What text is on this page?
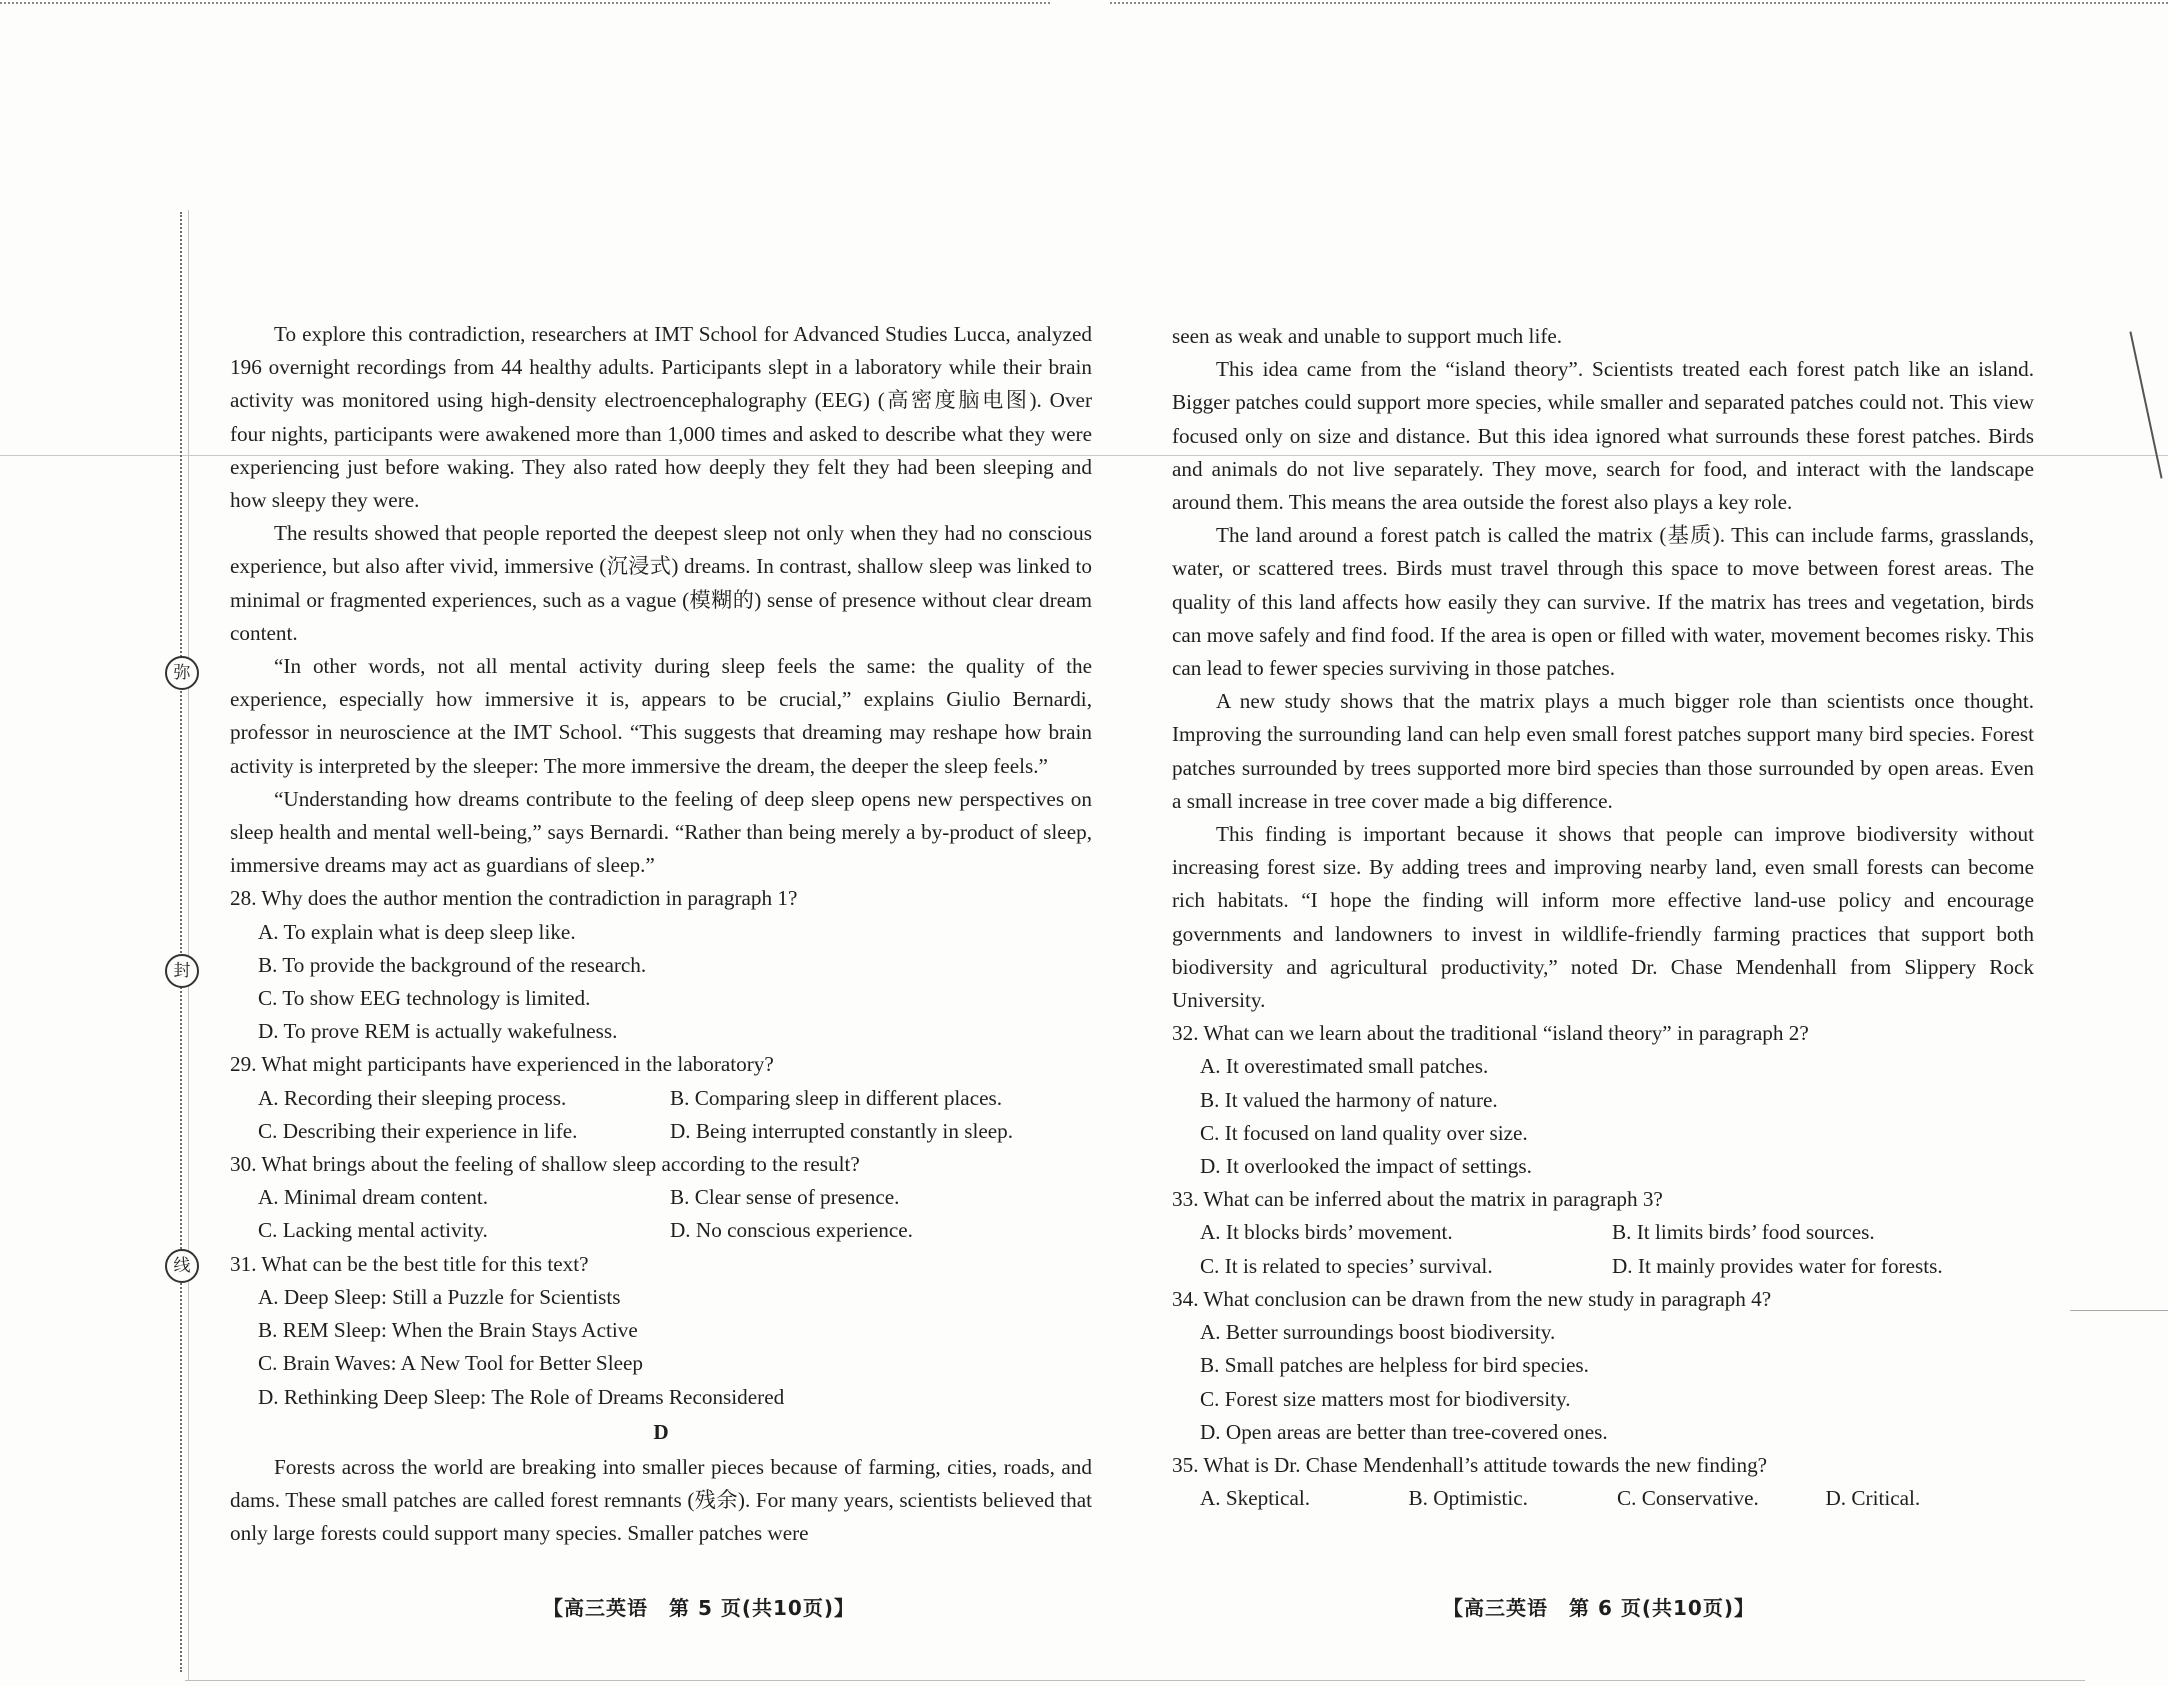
弥
封
线

To explore this contradiction, researchers at IMT School for Advanced Studies Lucca, analyzed 196 overnight recordings from 44 healthy adults. Participants slept in a laboratory while their brain activity was monitored using high-density electroencephalography (EEG) (高密度脑电图). Over four nights, participants were awakened more than 1,000 times and asked to describe what they were experiencing just before waking. They also rated how deeply they felt they had been sleeping and how sleepy they were.

The results showed that people reported the deepest sleep not only when they had no conscious experience, but also after vivid, immersive (沉浸式) dreams. In contrast, shallow sleep was linked to minimal or fragmented experiences, such as a vague (模糊的) sense of presence without clear dream content.

“In other words, not all mental activity during sleep feels the same: the quality of the experience, especially how immersive it is, appears to be crucial,” explains Giulio Bernardi, professor in neuroscience at the IMT School. “This suggests that dreaming may reshape how brain activity is interpreted by the sleeper: The more immersive the dream, the deeper the sleep feels.”

“Understanding how dreams contribute to the feeling of deep sleep opens new perspectives on sleep health and mental well-being,” says Bernardi. “Rather than being merely a by-product of sleep, immersive dreams may act as guardians of sleep.”

28. Why does the author mention the contradiction in paragraph 1?

A. To explain what is deep sleep like.

B. To provide the background of the research.

C. To show EEG technology is limited.

D. To prove REM is actually wakefulness.

29. What might participants have experienced in the laboratory?

A. Recording their sleeping process.	B. Comparing sleep in different places.
C. Describing their experience in life.	D. Being interrupted constantly in sleep.

30. What brings about the feeling of shallow sleep according to the result?

A. Minimal dream content.	B. Clear sense of presence.
C. Lacking mental activity.	D. No conscious experience.

31. What can be the best title for this text?

A. Deep Sleep: Still a Puzzle for Scientists

B. REM Sleep: When the Brain Stays Active

C. Brain Waves: A New Tool for Better Sleep

D. Rethinking Deep Sleep: The Role of Dreams Reconsidered

D

Forests across the world are breaking into smaller pieces because of farming, cities, roads, and dams. These small patches are called forest remnants (残余). For many years, scientists believed that only large forests could support many species. Smaller patches were

【高三英语　第 5 页(共10页)】

seen as weak and unable to support much life.

This idea came from the “island theory”. Scientists treated each forest patch like an island. Bigger patches could support more species, while smaller and separated patches could not. This view focused only on size and distance. But this idea ignored what surrounds these forest patches. Birds and animals do not live separately. They move, search for food, and interact with the landscape around them. This means the area outside the forest also plays a key role.

The land around a forest patch is called the matrix (基质). This can include farms, grasslands, water, or scattered trees. Birds must travel through this space to move between forest areas. The quality of this land affects how easily they can survive. If the matrix has trees and vegetation, birds can move safely and find food. If the area is open or filled with water, movement becomes risky. This can lead to fewer species surviving in those patches.

A new study shows that the matrix plays a much bigger role than scientists once thought. Improving the surrounding land can help even small forest patches support many bird species. Forest patches surrounded by trees supported more bird species than those surrounded by open areas. Even a small increase in tree cover made a big difference.

This finding is important because it shows that people can improve biodiversity without increasing forest size. By adding trees and improving nearby land, even small forests can become rich habitats. “I hope the finding will inform more effective land-use policy and encourage governments and landowners to invest in wildlife-friendly farming practices that support both biodiversity and agricultural productivity,” noted Dr. Chase Mendenhall from Slippery Rock University.

32. What can we learn about the traditional “island theory” in paragraph 2?

A. It overestimated small patches.

B. It valued the harmony of nature.

C. It focused on land quality over size.

D. It overlooked the impact of settings.

33. What can be inferred about the matrix in paragraph 3?

A. It blocks birds’ movement.	B. It limits birds’ food sources.
C. It is related to species’ survival.	D. It mainly provides water for forests.

34. What conclusion can be drawn from the new study in paragraph 4?

A. Better surroundings boost biodiversity.

B. Small patches are helpless for bird species.

C. Forest size matters most for biodiversity.

D. Open areas are better than tree-covered ones.

35. What is Dr. Chase Mendenhall’s attitude towards the new finding?

A. Skeptical.	B. Optimistic.	C. Conservative.	D. Critical.
【高三英语　第 6 页(共10页)】
